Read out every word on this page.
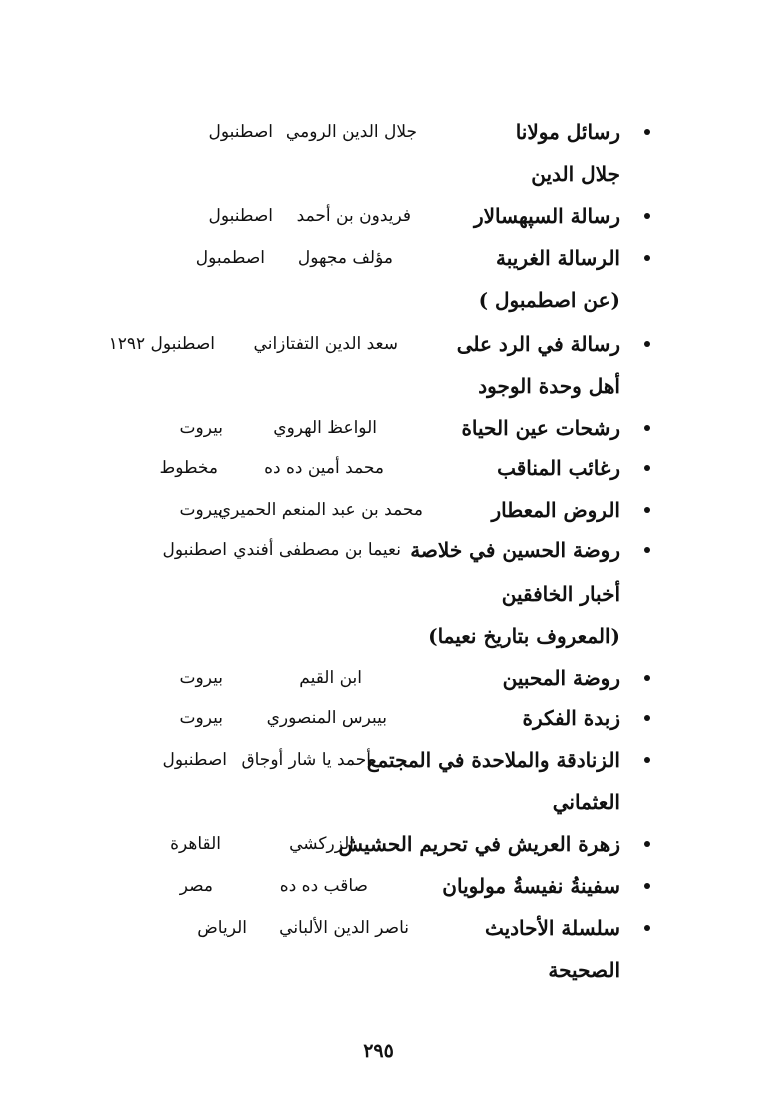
رسائل مولانا
جلال الدين الرومي
اصطنبول
جلال الدين
رسالة السپهسالار
فريدون بن أحمد
اصطنبول
الرسالة الغريبة
مؤلف مجهول
اصطمبول
(عن اصطمبول )
رسالة في الرد على
سعد الدين التفتازاني
اصطنبول ١٢٩٢
أهل وحدة الوجود
رشحات عين الحياة
الواعظ الهروي
بيروت
رغائب المناقب
محمد أمين ده ده
مخطوط
الروض المعطار
محمد بن عبد المنعم الحميري
بيروت
روضة الحسين في خلاصة
نعيما بن مصطفى أفندي
اصطنبول
أخبار الخافقين
(المعروف بتاريخ نعيما)
روضة المحبين
ابن القيم
بيروت
زبدة الفكرة
بيبرس المنصوري
بيروت
الزنادقة والملاحدة في المجتمع
أحمد يا شار أوجاق
اصطنبول
العثماني
زهرة العريش في تحريم الحشيش
الزركشي
القاهرة
سفينةُ نفيسةُ مولويان
صاقب ده ده
مصر
سلسلة الأحاديث
ناصر الدين الألباني
الرياض
الصحيحة
٢٩٥
